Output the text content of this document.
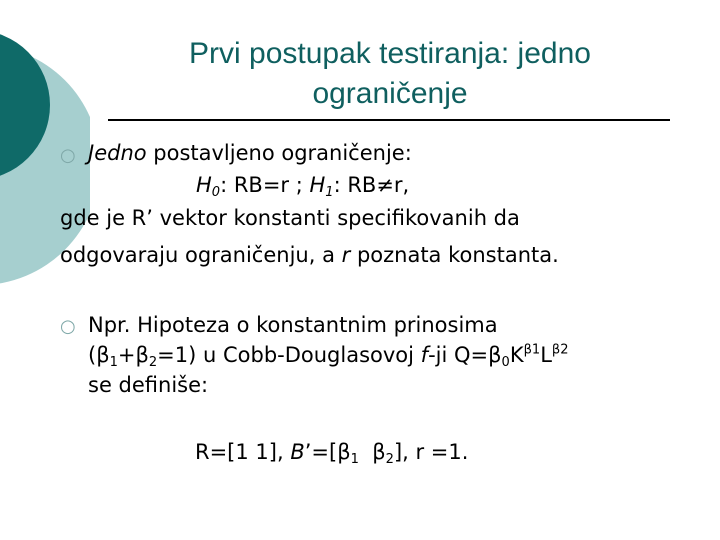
Prvi postupak testiranja: jedno
ograničenje
○ Jedno postavljeno ograničenje:
$H_0$: RB=r ; $H_1$: RB≠r,
gde je R’ vektor konstanti specifikovanih da
odgovaraju ograničenju, a r poznata konstanta.
○ Npr. Hipoteza o konstantnim prinosima
$(\beta_1+\beta_2=1)$ u Cobb-Douglasovoj f-ji $Q=\beta_0K^{\beta 1}L^{\beta 2}$
se definiše:
R=[1 1], $B’=[\beta_1$  $\beta_2$], r =1.
